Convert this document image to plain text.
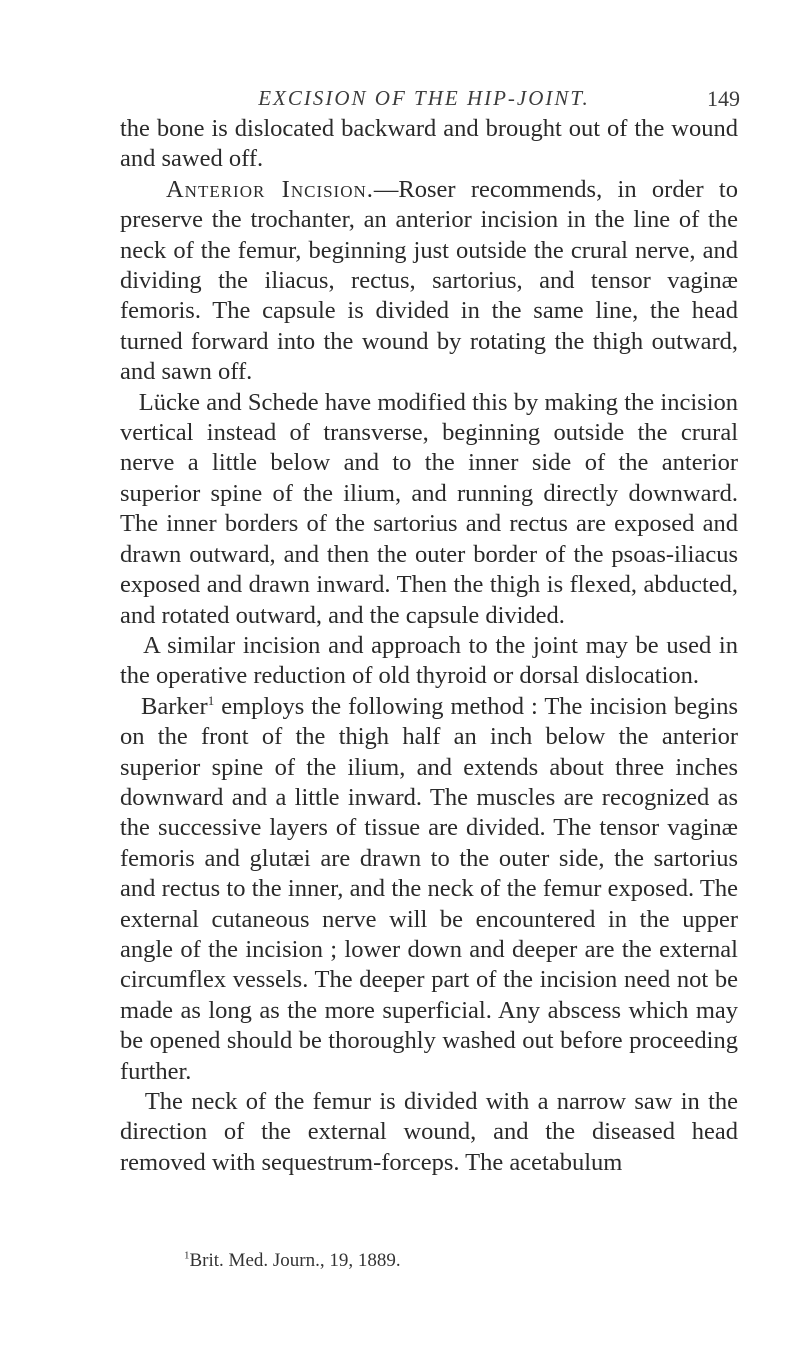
EXCISION OF THE HIP-JOINT.	149

the bone is dislocated backward and brought out of the wound and sawed off.

Anterior Incision.—Roser recommends, in order to preserve the trochanter, an anterior incision in the line of the neck of the femur, beginning just outside the crural nerve, and dividing the iliacus, rectus, sartorius, and tensor vaginæ femoris. The capsule is divided in the same line, the head turned forward into the wound by rotating the thigh outward, and sawn off.

Lücke and Schede have modified this by making the incision vertical instead of transverse, beginning outside the crural nerve a little below and to the inner side of the anterior superior spine of the ilium, and running directly downward. The inner borders of the sartorius and rectus are exposed and drawn outward, and then the outer border of the psoas-iliacus exposed and drawn inward. Then the thigh is flexed, abducted, and rotated outward, and the capsule divided.

A similar incision and approach to the joint may be used in the operative reduction of old thyroid or dorsal dislocation.

Barker$^1$ employs the following method : The incision begins on the front of the thigh half an inch below the anterior superior spine of the ilium, and extends about three inches downward and a little inward. The muscles are recognized as the successive layers of tissue are divided. The tensor vaginæ femoris and glutæi are drawn to the outer side, the sartorius and rectus to the inner, and the neck of the femur exposed. The external cutaneous nerve will be encountered in the upper angle of the incision ; lower down and deeper are the external circumflex vessels. The deeper part of the incision need not be made as long as the more superficial. Any abscess which may be opened should be thoroughly washed out before proceeding further.

The neck of the femur is divided with a narrow saw in the direction of the external wound, and the diseased head removed with sequestrum-forceps. The acetabulum

$^1$Brit. Med. Journ., 19, 1889.
